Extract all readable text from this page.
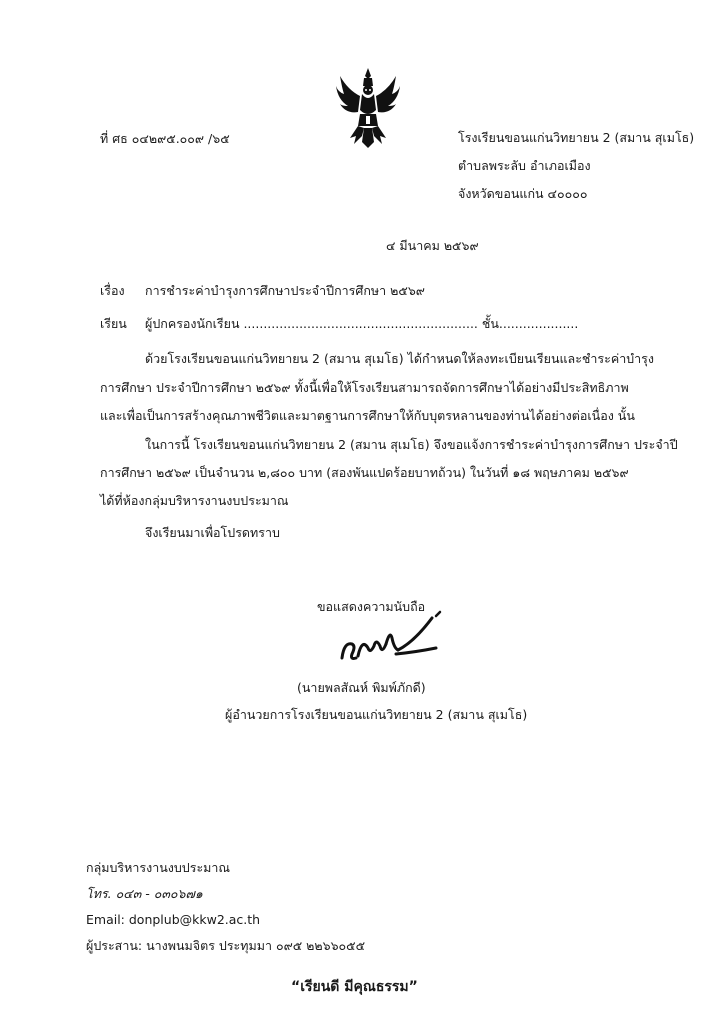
ที่ ศธ ๐๔๒๙๕.๐๐๙ /๖๕	โรงเรียนขอนแก่นวิทยายน 2 (สมาน สุเมโธ)
ตำบลพระลับ อำเภอเมือง
จังหวัดขอนแก่น ๔๐๐๐๐
๔ มีนาคม ๒๕๖๙
เรื่อง การชำระค่าบำรุงการศึกษาประจำปีการศึกษา ๒๕๖๙
เรียน ผู้ปกครองนักเรียน ........................................................... ชั้น....................
ด้วยโรงเรียนขอนแก่นวิทยายน 2 (สมาน สุเมโธ) ได้กำหนดให้ลงทะเบียนเรียนและชำระค่าบำรุง
การศึกษา ประจำปีการศึกษา ๒๕๖๙ ทั้งนี้เพื่อให้โรงเรียนสามารถจัดการศึกษาได้อย่างมีประสิทธิภาพ
และเพื่อเป็นการสร้างคุณภาพชีวิตและมาตฐานการศึกษาให้กับบุตรหลานของท่านได้อย่างต่อเนื่อง นั้น
ในการนี้ โรงเรียนขอนแก่นวิทยายน 2 (สมาน สุเมโธ) จึงขอแจ้งการชำระค่าบำรุงการศึกษา ประจำปี
การศึกษา ๒๕๖๙ เป็นจำนวน ๒,๘๐๐ บาท (สองพันแปดร้อยบาทถ้วน) ในวันที่ ๑๘ พฤษภาคม ๒๕๖๙
ได้ที่ห้องกลุ่มบริหารงานงบประมาณ
จึงเรียนมาเพื่อโปรดทราบ
ขอแสดงความนับถือ
(นายพลสัณห์ พิมพ์ภักดี)
ผู้อำนวยการโรงเรียนขอนแก่นวิทยายน 2 (สมาน สุเมโธ)
กลุ่มบริหารงานงบประมาณ
โทร. ๐๔๓ - ๐๓๐๖๗๑
Email: donplub@kkw2.ac.th
ผู้ประสาน: นางพนมจิตร ประทุมมา ๐๙๕ ๒๒๖๖๐๕๕
“เรียนดี มีคุณธรรม”
